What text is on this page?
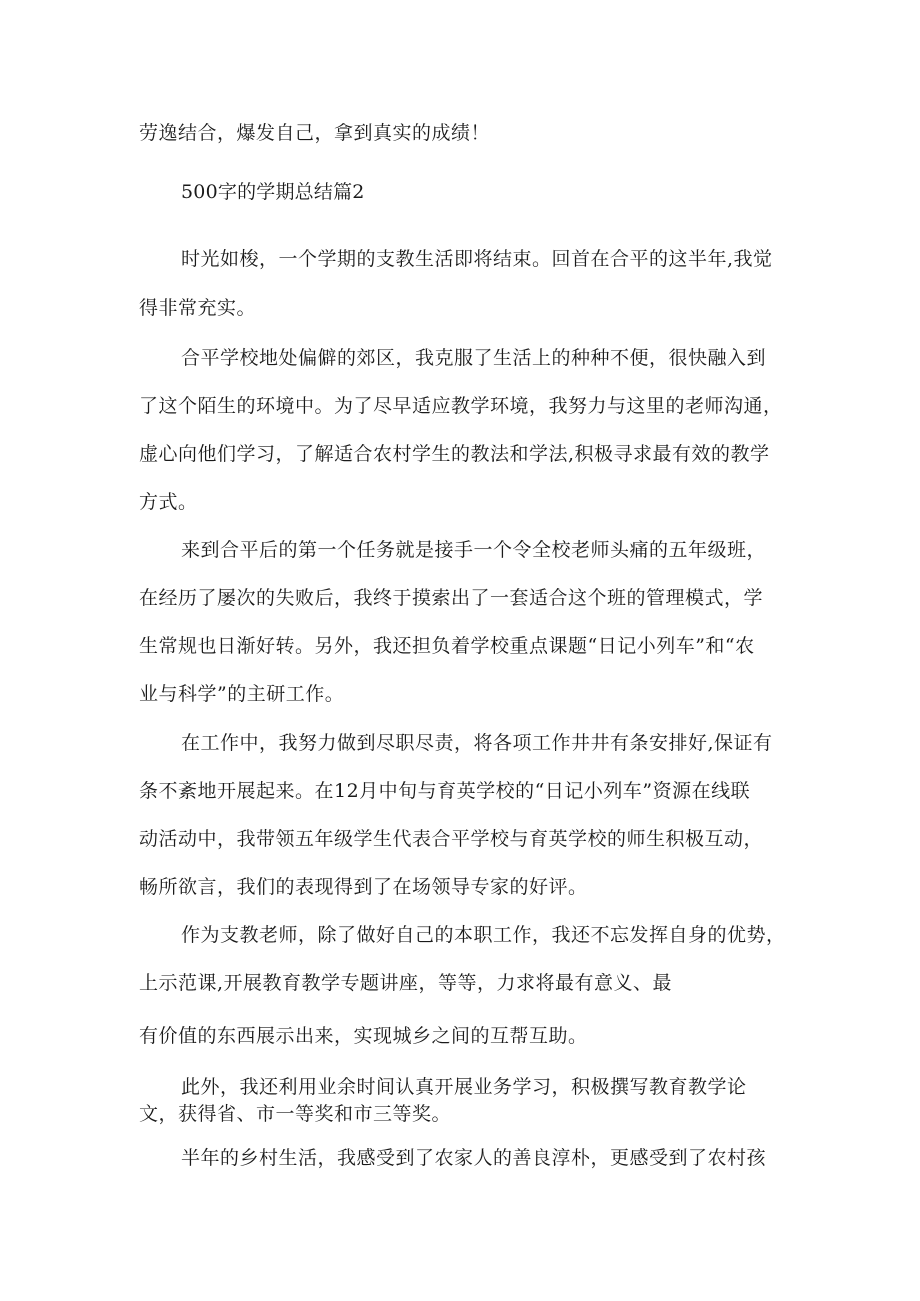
劳逸结合，爆发自己，拿到真实的成绩！
500字的学期总结篇2
时光如梭，一个学期的支教生活即将结束。回首在合平的这半年,我觉
得非常充实。
合平学校地处偏僻的郊区，我克服了生活上的种种不便，很快融入到
了这个陌生的环境中。为了尽早适应教学环境，我努力与这里的老师沟通，
虚心向他们学习，了解适合农村学生的教法和学法,积极寻求最有效的教学
方式。
来到合平后的第一个任务就是接手一个令全校老师头痛的五年级班，
在经历了屡次的失败后，我终于摸索出了一套适合这个班的管理模式，学
生常规也日渐好转。另外，我还担负着学校重点课题“日记小列车”和“农
业与科学”的主研工作。
在工作中，我努力做到尽职尽责，将各项工作井井有条安排好,保证有
条不紊地开展起来。在12月中旬与育英学校的“日记小列车”资源在线联
动活动中，我带领五年级学生代表合平学校与育英学校的师生积极互动，
畅所欲言，我们的表现得到了在场领导专家的好评。
作为支教老师，除了做好自己的本职工作，我还不忘发挥自身的优势，
上示范课,开展教育教学专题讲座，等等，力求将最有意义、最
有价值的东西展示出来，实现城乡之间的互帮互助。
此外，我还利用业余时间认真开展业务学习，积极撰写教育教学论
文，获得省、市一等奖和市三等奖。
半年的乡村生活，我感受到了农家人的善良淳朴，更感受到了农村孩
